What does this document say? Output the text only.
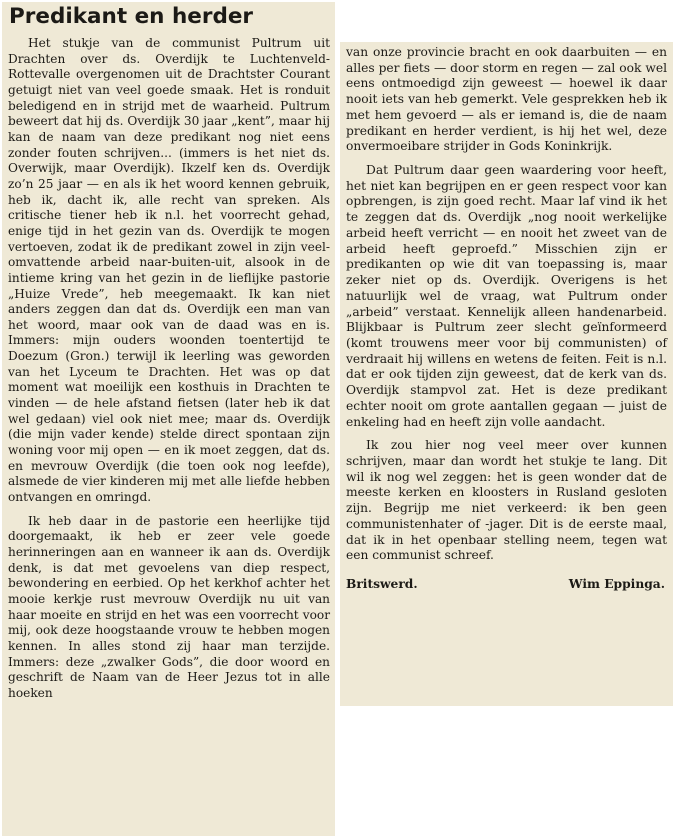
Predikant en herder

Het stukje van de communist Pultrum uit Drachten over ds. Overdijk te Luchtenveld-Rottevalle overgenomen uit de Drachtster Courant getuigt niet van veel goede smaak. Het is ronduit beledigend en in strijd met de waarheid. Pultrum beweert dat hij ds. Overdijk 30 jaar „kent”, maar hij kan de naam van deze predikant nog niet eens zonder fouten schrijven... (immers is het niet ds. Overwijk, maar Overdijk). Ikzelf ken ds. Overdijk zo’n 25 jaar — en als ik het woord kennen gebruik, heb ik, dacht ik, alle recht van spreken. Als critische tiener heb ik n.l. het voorrecht gehad, enige tijd in het gezin van ds. Overdijk te mogen vertoeven, zodat ik de predikant zowel in zijn veel-omvattende arbeid naar-buiten-uit, alsook in de intieme kring van het gezin in de lieflijke pastorie „Huize Vrede”, heb meegemaakt. Ik kan niet anders zeggen dan dat ds. Overdijk een man van het woord, maar ook van de daad was en is. Immers: mijn ouders woonden toentertijd te Doezum (Gron.) terwijl ik leerling was geworden van het Lyceum te Drachten. Het was op dat moment wat moeilijk een kosthuis in Drachten te vinden — de hele afstand fietsen (later heb ik dat wel gedaan) viel ook niet mee; maar ds. Overdijk (die mijn vader kende) stelde direct spontaan zijn woning voor mij open — en ik moet zeggen, dat ds. en mevrouw Overdijk (die toen ook nog leefde), alsmede de vier kinderen mij met alle liefde hebben ontvangen en omringd.

Ik heb daar in de pastorie een heerlijke tijd doorgemaakt, ik heb er zeer vele goede herinneringen aan en wanneer ik aan ds. Overdijk denk, is dat met gevoelens van diep respect, bewondering en eerbied. Op het kerkhof achter het mooie kerkje rust mevrouw Overdijk nu uit van haar moeite en strijd en het was een voorrecht voor mij, ook deze hoogstaande vrouw te hebben mogen kennen. In alles stond zij haar man terzijde. Immers: deze „zwalker Gods”, die door woord en geschrift de Naam van de Heer Jezus tot in alle hoeken

van onze provincie bracht en ook daarbuiten — en alles per fiets — door storm en regen — zal ook wel eens ontmoedigd zijn geweest — hoewel ik daar nooit iets van heb gemerkt. Vele gesprekken heb ik met hem gevoerd — als er iemand is, die de naam predikant en herder verdient, is hij het wel, deze onvermoeibare strijder in Gods Koninkrijk.

Dat Pultrum daar geen waardering voor heeft, het niet kan begrijpen en er geen respect voor kan opbrengen, is zijn goed recht. Maar laf vind ik het te zeggen dat ds. Overdijk „nog nooit werkelijke arbeid heeft verricht — en nooit het zweet van de arbeid heeft geproefd.” Misschien zijn er predikanten op wie dit van toepassing is, maar zeker niet op ds. Overdijk. Overigens is het natuurlijk wel de vraag, wat Pultrum onder „arbeid” verstaat. Kennelijk alleen handenarbeid. Blijkbaar is Pultrum zeer slecht geïnformeerd (komt trouwens meer voor bij communisten) of verdraait hij willens en wetens de feiten. Feit is n.l. dat er ook tijden zijn geweest, dat de kerk van ds. Overdijk stampvol zat. Het is deze predikant echter nooit om grote aantallen gegaan — juist de enkeling had en heeft zijn volle aandacht.

Ik zou hier nog veel meer over kunnen schrijven, maar dan wordt het stukje te lang. Dit wil ik nog wel zeggen: het is geen wonder dat de meeste kerken en kloosters in Rusland gesloten zijn. Begrijp me niet verkeerd: ik ben geen communistenhater of -jager. Dit is de eerste maal, dat ik in het openbaar stelling neem, tegen wat een communist schreef.

Britswerd.	Wim Eppinga.
